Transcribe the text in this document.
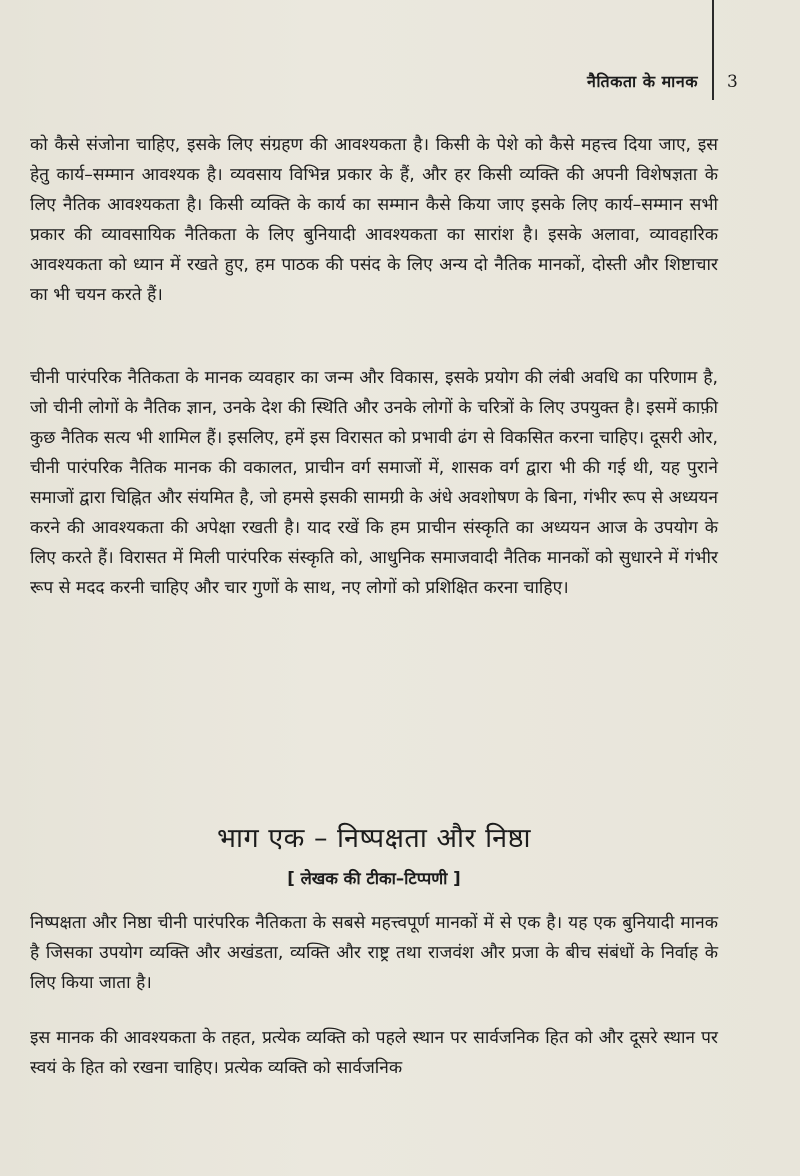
नैतिकता के मानक 3

को कैसे संजोना चाहिए, इसके लिए संग्रहण की आवश्यकता है। किसी के पेशे को कैसे महत्त्व दिया जाए, इस हेतु कार्य–सम्मान आवश्यक है। व्यवसाय विभिन्न प्रकार के हैं, और हर किसी व्यक्ति की अपनी विशेषज्ञता के लिए नैतिक आवश्यकता है। किसी व्यक्ति के कार्य का सम्मान कैसे किया जाए इसके लिए कार्य–सम्मान सभी प्रकार की व्यावसायिक नैतिकता के लिए बुनियादी आवश्यकता का सारांश है। इसके अलावा, व्यावहारिक आवश्यकता को ध्यान में रखते हुए, हम पाठक की पसंद के लिए अन्य दो नैतिक मानकों, दोस्ती और शिष्टाचार का भी चयन करते हैं।

चीनी पारंपरिक नैतिकता के मानक व्यवहार का जन्म और विकास, इसके प्रयोग की लंबी अवधि का परिणाम है, जो चीनी लोगों के नैतिक ज्ञान, उनके देश की स्थिति और उनके लोगों के चरित्रों के लिए उपयुक्त है। इसमें काफ़ी कुछ नैतिक सत्य भी शामिल हैं। इसलिए, हमें इस विरासत को प्रभावी ढंग से विकसित करना चाहिए। दूसरी ओर, चीनी पारंपरिक नैतिक मानक की वकालत, प्राचीन वर्ग समाजों में, शासक वर्ग द्वारा भी की गई थी, यह पुराने समाजों द्वारा चिह्नित और संयमित है, जो हमसे इसकी सामग्री के अंधे अवशोषण के बिना, गंभीर रूप से अध्ययन करने की आवश्यकता की अपेक्षा रखती है। याद रखें कि हम प्राचीन संस्कृति का अध्ययन आज के उपयोग के लिए करते हैं। विरासत में मिली पारंपरिक संस्कृति को, आधुनिक समाजवादी नैतिक मानकों को सुधारने में गंभीर रूप से मदद करनी चाहिए और चार गुणों के साथ, नए लोगों को प्रशिक्षित करना चाहिए।

भाग एक – निष्पक्षता और निष्ठा
[ लेखक की टीका–टिप्पणी ]

निष्पक्षता और निष्ठा चीनी पारंपरिक नैतिकता के सबसे महत्त्वपूर्ण मानकों में से एक है। यह एक बुनियादी मानक है जिसका उपयोग व्यक्ति और अखंडता, व्यक्ति और राष्ट्र तथा राजवंश और प्रजा के बीच संबंधों के निर्वाह के लिए किया जाता है।

इस मानक की आवश्यकता के तहत, प्रत्येक व्यक्ति को पहले स्थान पर सार्वजनिक हित को और दूसरे स्थान पर स्वयं के हित को रखना चाहिए। प्रत्येक व्यक्ति को सार्वजनिक
